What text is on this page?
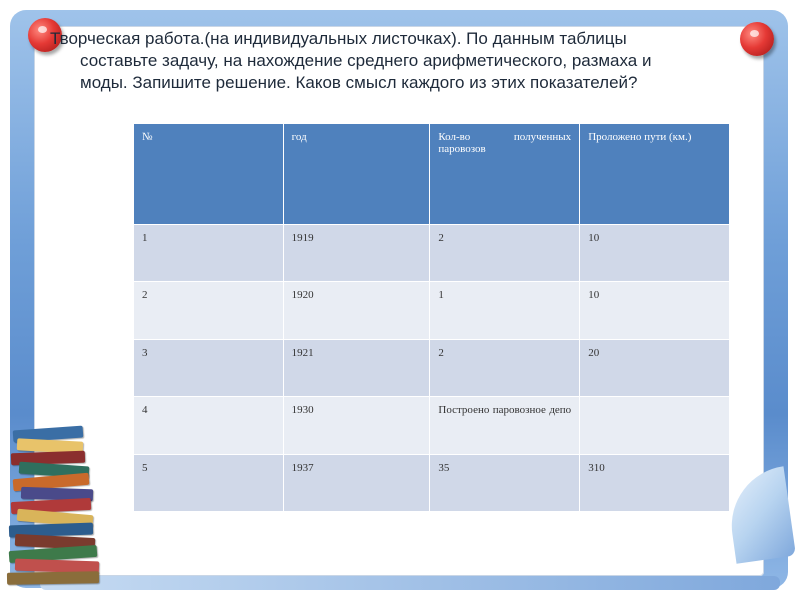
Творческая работа.(на индивидуальных листочках). По данным таблицы
составьте задачу, на нахождение среднего арифметического, размаха и
моды. Запишите решение. Каков смысл каждого из этих показателей?
№	год	Кол-во полученных паровозов	Проложено пути (км.)
1	1919	2	10
2	1920	1	10
3	1921	2	20
4	1930	Построено паровозное депо	

5	1937	35	310
